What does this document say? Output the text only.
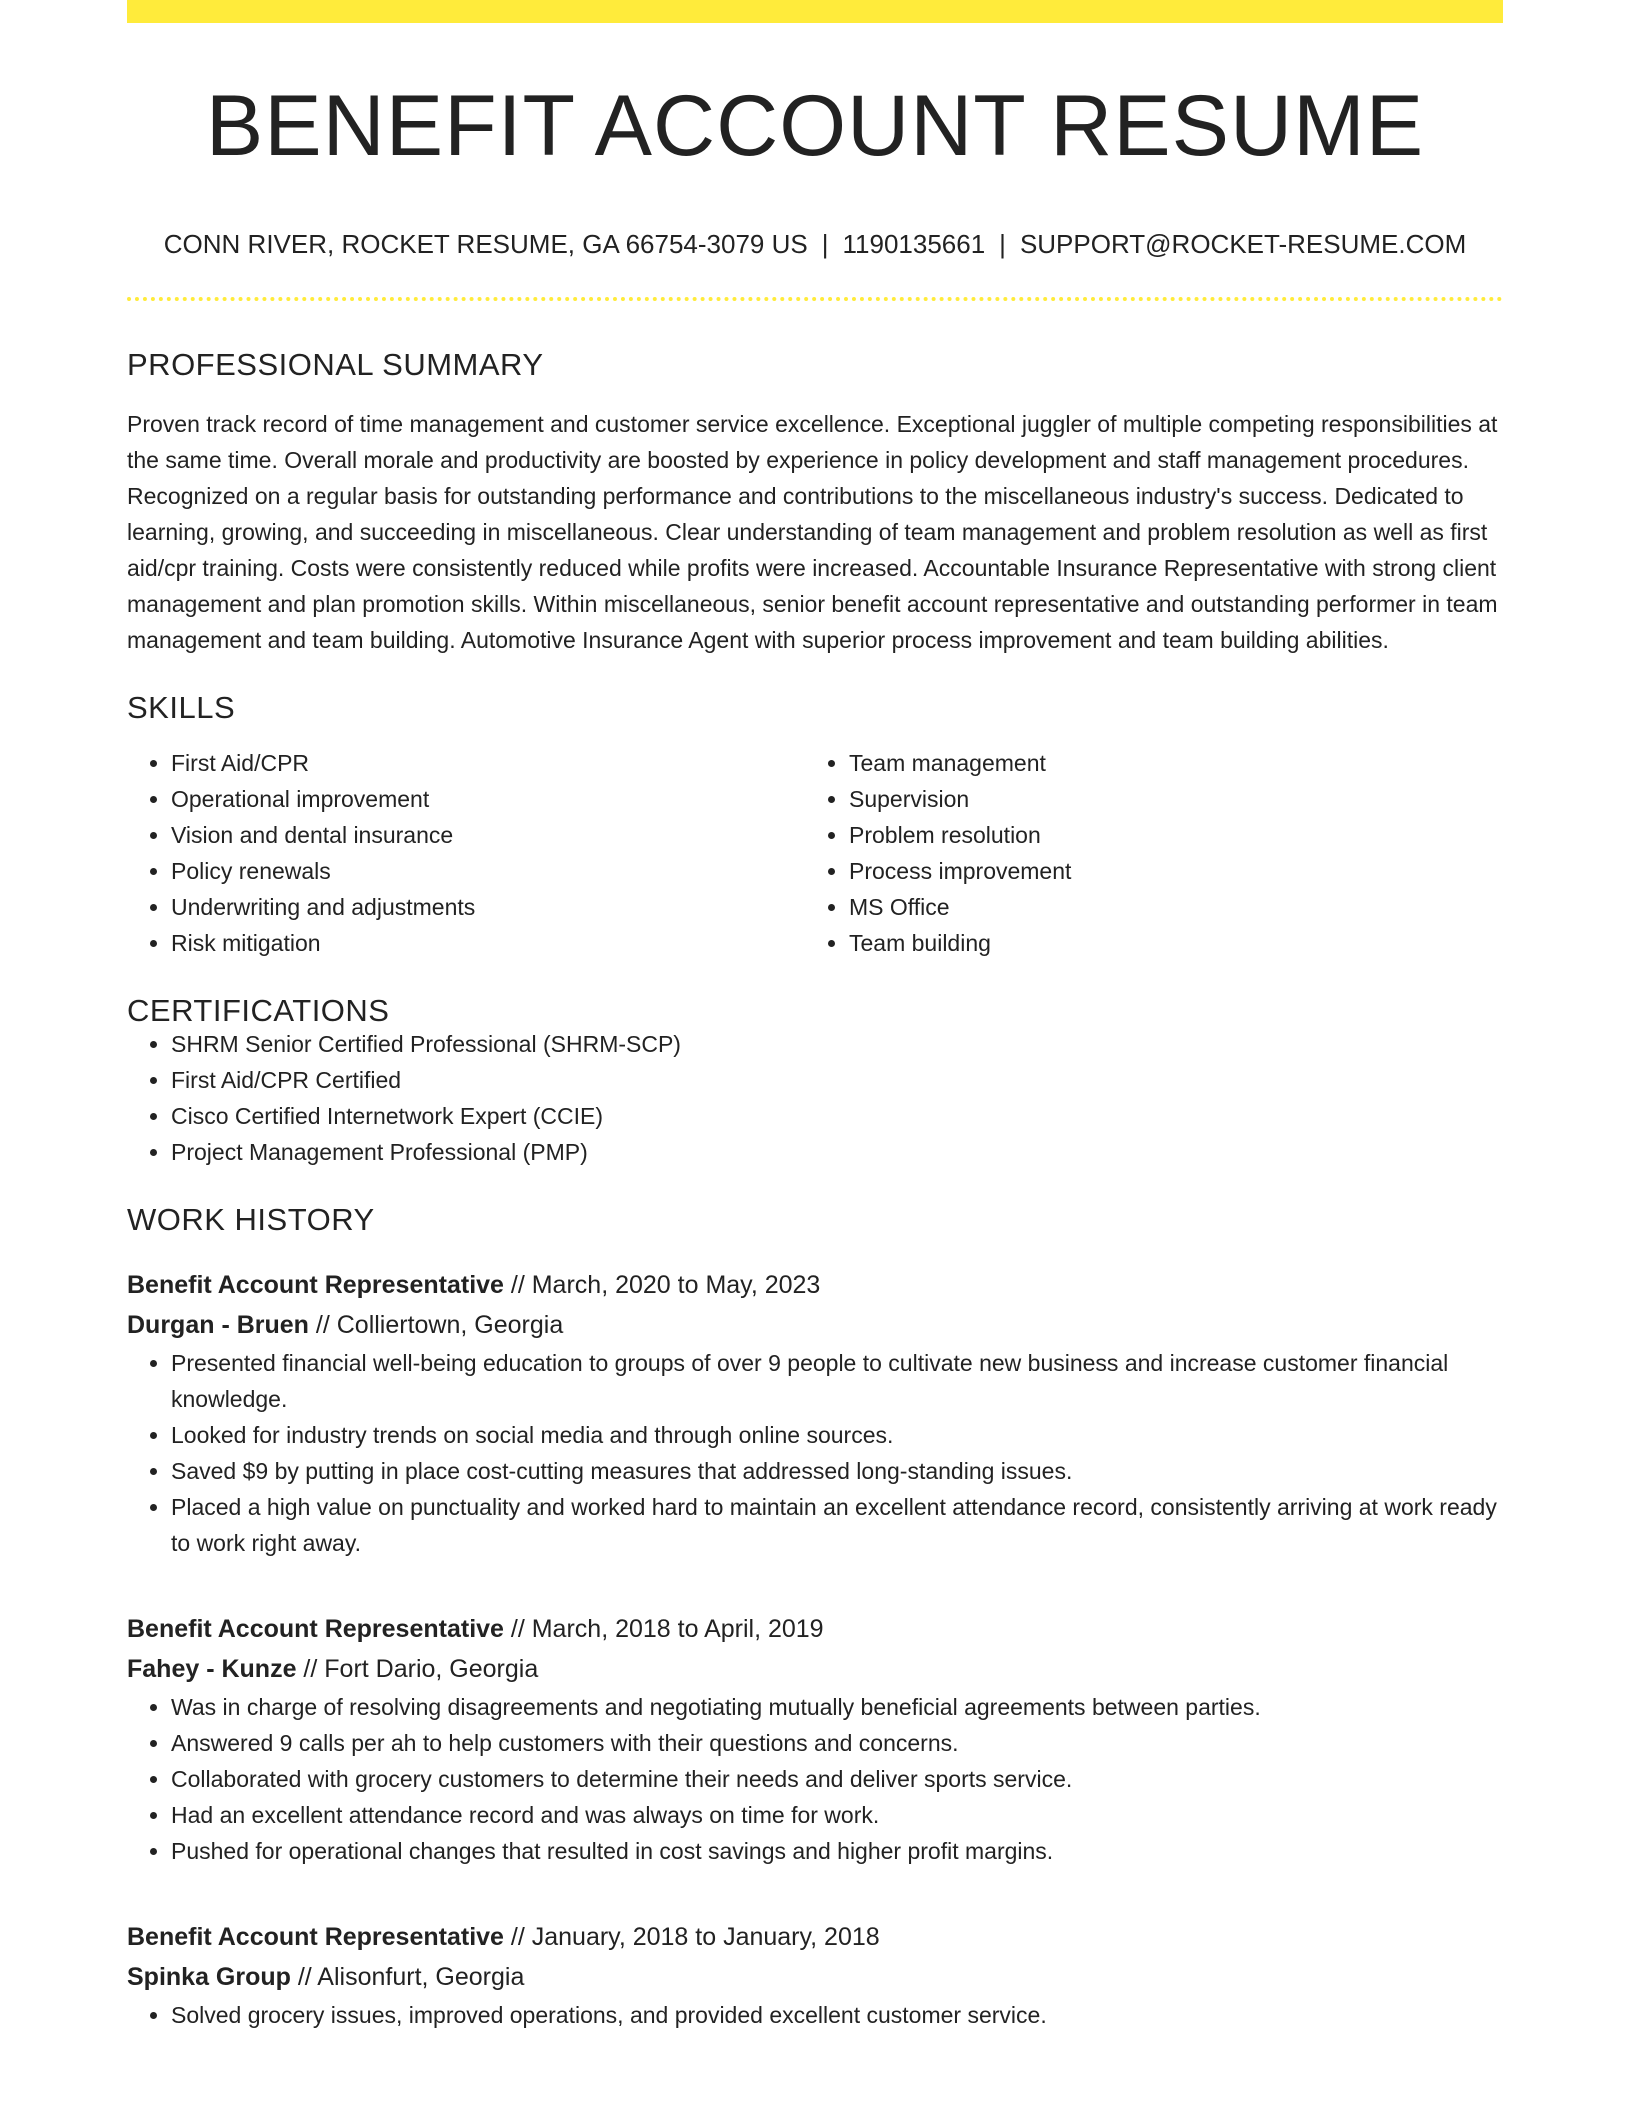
BENEFIT ACCOUNT RESUME
CONN RIVER, ROCKET RESUME, GA 66754-3079 US | 1190135661 | SUPPORT@ROCKET-RESUME.COM
PROFESSIONAL SUMMARY

Proven track record of time management and customer service excellence. Exceptional juggler of multiple competing responsibilities at the same time. Overall morale and productivity are boosted by experience in policy development and staff management procedures. Recognized on a regular basis for outstanding performance and contributions to the miscellaneous industry's success. Dedicated to learning, growing, and succeeding in miscellaneous. Clear understanding of team management and problem resolution as well as first aid/cpr training. Costs were consistently reduced while profits were increased. Accountable Insurance Representative with strong client management and plan promotion skills. Within miscellaneous, senior benefit account representative and outstanding performer in team management and team building. Automotive Insurance Agent with superior process improvement and team building abilities.

SKILLS
• First Aid/CPR
• Operational improvement
• Vision and dental insurance
• Policy renewals
• Underwriting and adjustments
• Risk mitigation
• Team management
• Supervision
• Problem resolution
• Process improvement
• MS Office
• Team building
CERTIFICATIONS
• SHRM Senior Certified Professional (SHRM-SCP)
• First Aid/CPR Certified
• Cisco Certified Internetwork Expert (CCIE)
• Project Management Professional (PMP)
WORK HISTORY
Benefit Account Representative // March, 2020 to May, 2023
Durgan - Bruen // Colliertown, Georgia
• Presented financial well-being education to groups of over 9 people to cultivate new business and increase customer financial knowledge.
• Looked for industry trends on social media and through online sources.
• Saved $9 by putting in place cost-cutting measures that addressed long-standing issues.
• Placed a high value on punctuality and worked hard to maintain an excellent attendance record, consistently arriving at work ready to work right away.
Benefit Account Representative // March, 2018 to April, 2019
Fahey - Kunze // Fort Dario, Georgia
• Was in charge of resolving disagreements and negotiating mutually beneficial agreements between parties.
• Answered 9 calls per ah to help customers with their questions and concerns.
• Collaborated with grocery customers to determine their needs and deliver sports service.
• Had an excellent attendance record and was always on time for work.
• Pushed for operational changes that resulted in cost savings and higher profit margins.
Benefit Account Representative // January, 2018 to January, 2018
Spinka Group // Alisonfurt, Georgia
• Solved grocery issues, improved operations, and provided excellent customer service.
